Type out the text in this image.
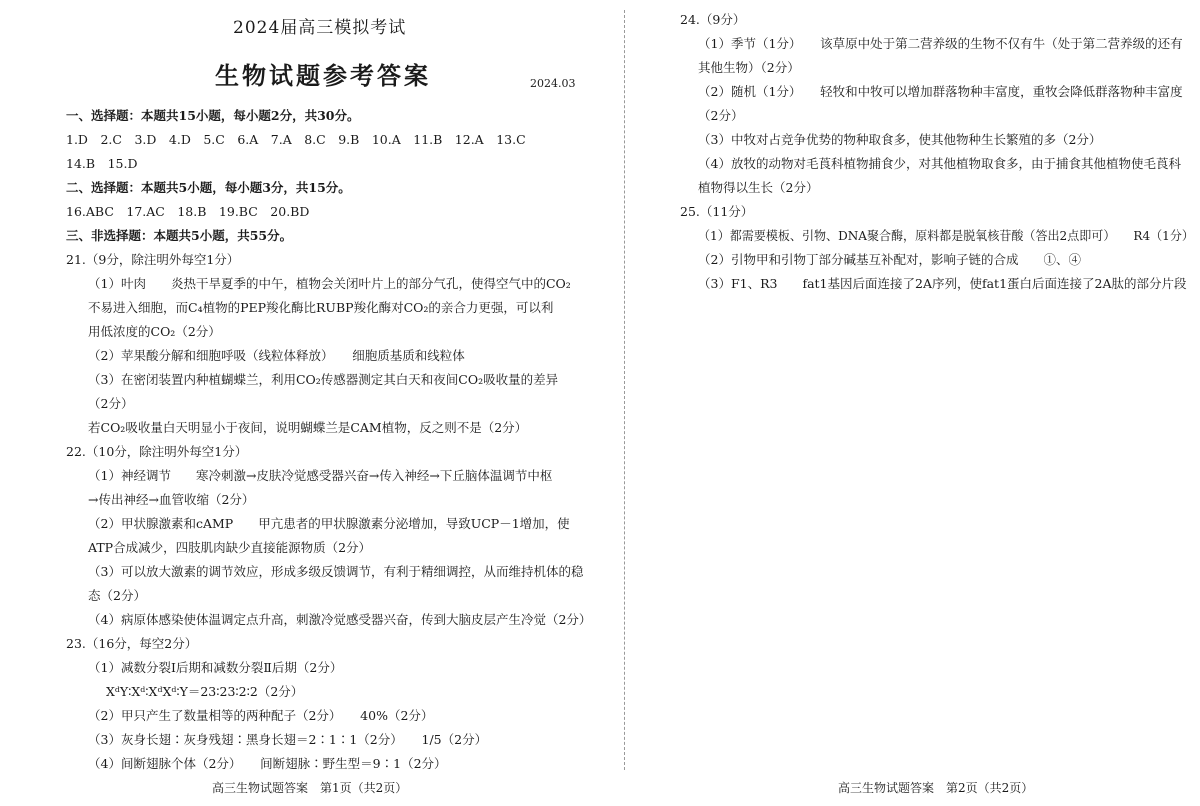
2024届高三模拟考试
生物试题参考答案	2024.03
一、选择题：本题共15小题，每小题2分，共30分。
1.D　2.C　3.D　4.D　5.C　6.A　7.A　8.C　9.B　10.A　11.B　12.A　13.C
14.B　15.D
二、选择题：本题共5小题，每小题3分，共15分。
16.ABC　17.AC　18.B　19.BC　20.BD
三、非选择题：本题共5小题，共55分。
21.（9分，除注明外每空1分）
（1）叶肉　　炎热干旱夏季的中午，植物会关闭叶片上的部分气孔，使得空气中的CO₂
不易进入细胞，而C₄植物的PEP羧化酶比RUBP羧化酶对CO₂的亲合力更强，可以利
用低浓度的CO₂（2分）
（2）苹果酸分解和细胞呼吸（线粒体释放）　　细胞质基质和线粒体
（3）在密闭装置内种植蝴蝶兰，利用CO₂传感器测定其白天和夜间CO₂吸收量的差异
（2分）
若CO₂吸收量白天明显小于夜间，说明蝴蝶兰是CAM植物，反之则不是（2分）
22.（10分，除注明外每空1分）
（1）神经调节　　寒冷刺激→皮肤冷觉感受器兴奋→传入神经→下丘脑体温调节中枢
→传出神经→血管收缩（2分）
（2）甲状腺激素和cAMP　　甲亢患者的甲状腺激素分泌增加，导致UCP－1增加，使
ATP合成减少，四肢肌肉缺少直接能源物质（2分）
（3）可以放大激素的调节效应，形成多级反馈调节，有利于精细调控，从而维持机体的稳
态（2分）
（4）病原体感染使体温调定点升高，刺激冷觉感受器兴奋，传到大脑皮层产生冷觉（2分）
23.（16分，每空2分）
（1）减数分裂Ⅰ后期和减数分裂Ⅱ后期（2分）
XᵈY∶Xᵈ∶XᵈXᵈ∶Y＝23∶23∶2∶2（2分）
（2）甲只产生了数量相等的两种配子（2分）　　40%（2分）
（3）灰身长翅∶灰身残翅∶黑身长翅＝2∶1∶1（2分）　　1/5（2分）
（4）间断翅脉个体（2分）　　间断翅脉∶野生型＝9∶1（2分）
高三生物试题答案　第1页（共2页）
24.（9分）
（1）季节（1分）　　该草原中处于第二营养级的生物不仅有牛（处于第二营养级的还有
其他生物）（2分）
（2）随机（1分）　　轻牧和中牧可以增加群落物种丰富度，重牧会降低群落物种丰富度
（2分）
（3）中牧对占竞争优势的物种取食多，使其他物种生长繁殖的多（2分）
（4）放牧的动物对毛莨科植物捕食少，对其他植物取食多，由于捕食其他植物使毛莨科
植物得以生长（2分）
25.（11分）
（1）都需要模板、引物、DNA聚合酶，原料都是脱氧核苷酸（答出2点即可）　　R4（1分）
（2）引物甲和引物丁部分碱基互补配对，影响子链的合成　　①、④
（3）F1、R3　　fat1基因后面连接了2A序列，使fat1蛋白后面连接了2A肽的部分片段
高三生物试题答案　第2页（共2页）
